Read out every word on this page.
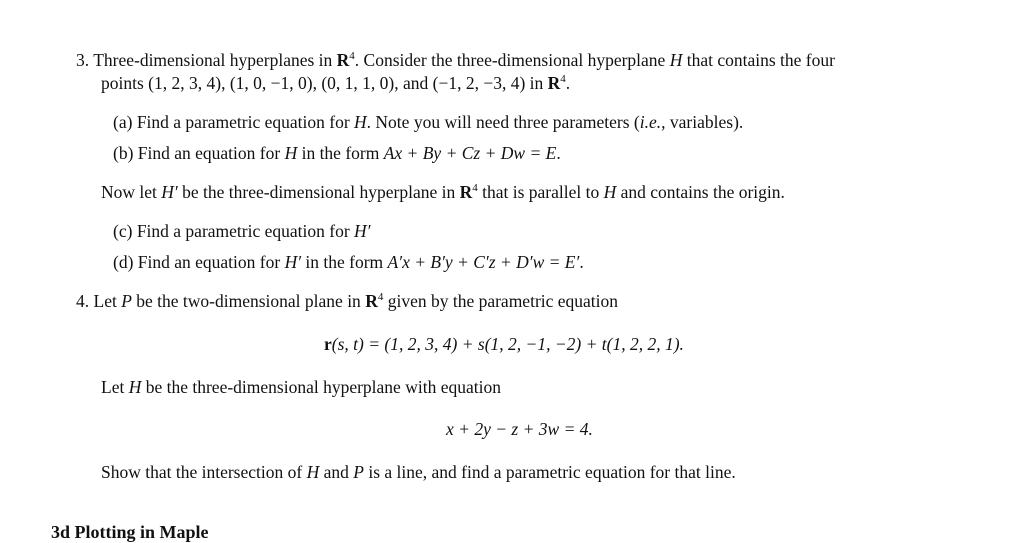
3. Three-dimensional hyperplanes in $R^4$. Consider the three-dimensional hyperplane H that contains the four
points (1, 2, 3, 4), (1, 0, −1, 0), (0, 1, 1, 0), and (−1, 2, −3, 4) in $R^4$.
(a) Find a parametric equation for H. Note you will need three parameters (i.e., variables).
(b) Find an equation for H in the form Ax + By + Cz + Dw = E.
Now let H′ be the three-dimensional hyperplane in $R^4$ that is parallel to H and contains the origin.
(c) Find a parametric equation for H′
(d) Find an equation for H′ in the form A′x + B′y + C′z + D′w = E′.
4. Let P be the two-dimensional plane in $R^4$ given by the parametric equation
r(s, t) = (1, 2, 3, 4) + s(1, 2, −1, −2) + t(1, 2, 2, 1).
Let H be the three-dimensional hyperplane with equation
x + 2y − z + 3w = 4.
Show that the intersection of H and P is a line, and find a parametric equation for that line.
3d Plotting in Maple
